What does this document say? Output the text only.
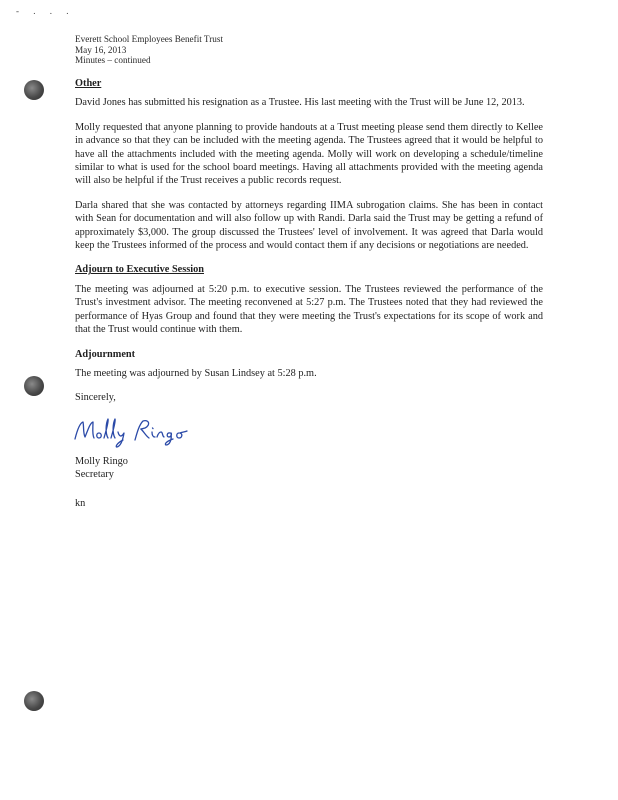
- . . .
Everett School Employees Benefit Trust
May 16, 2013
Minutes – continued
Other

David Jones has submitted his resignation as a Trustee. His last meeting with the Trust will be June 12, 2013.

Molly requested that anyone planning to provide handouts at a Trust meeting please send them directly to Kellee in advance so that they can be included with the meeting agenda. The Trustees agreed that it would be helpful to have all the attachments included with the meeting agenda. Molly will work on developing a schedule/timeline similar to what is used for the school board meetings. Having all attachments provided with the meeting agenda will also be helpful if the Trust receives a public records request.

Darla shared that she was contacted by attorneys regarding IIMA subrogation claims. She has been in contact with Sean for documentation and will also follow up with Randi. Darla said the Trust may be getting a refund of approximately $3,000. The group discussed the Trustees' level of involvement. It was agreed that Darla would keep the Trustees informed of the process and would contact them if any decisions or negotiations are needed.

Adjourn to Executive Session

The meeting was adjourned at 5:20 p.m. to executive session. The Trustees reviewed the performance of the Trust's investment advisor. The meeting reconvened at 5:27 p.m. The Trustees noted that they had reviewed the performance of Hyas Group and found that they were meeting the Trust's expectations for its scope of work and that the Trust would continue with them.

Adjournment

The meeting was adjourned by Susan Lindsey at 5:28 p.m.

Sincerely,
Molly Ringo
Secretary
kn
